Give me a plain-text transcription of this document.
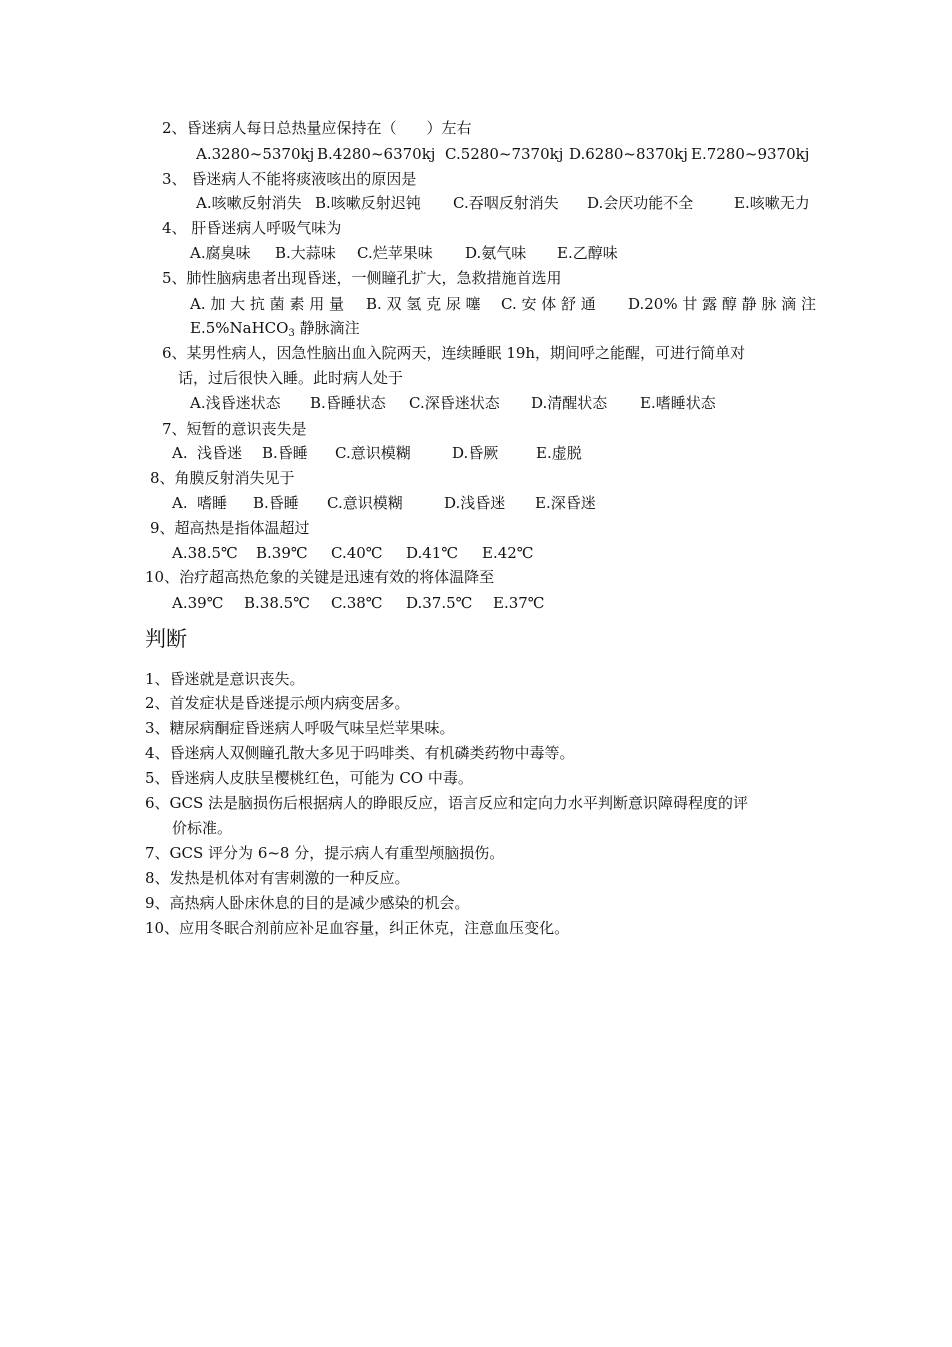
2、昏迷病人每日总热量应保持在（　　）左右
A.3280~5370kj B.4280~6370kj C.5280~7370kj D.6280~8370kj E.7280~9370kj
3、 昏迷病人不能将痰液咳出的原因是
A.咳嗽反射消失 B.咳嗽反射迟钝 C.吞咽反射消失 D.会厌功能不全	E.咳嗽无力
4、 肝昏迷病人呼吸气味为
A.腐臭味 B.大蒜味 C.烂苹果味 D.氨气味 E.乙醇味
5、肺性脑病患者出现昏迷，一侧瞳孔扩大，急救措施首选用
A. 加 大 抗 菌 素 用 量 B. 双 氢 克 尿 噻 C. 安 体 舒 通 D.20% 甘 露 醇 静 脉 滴 注
E.5%NaHCO$_3$ 静脉滴注
6、某男性病人，因急性脑出血入院两天，连续睡眠 19h，期间呼之能醒，可进行简单对
话，过后很快入睡。此时病人处于
A.浅昏迷状态 B.昏睡状态 C.深昏迷状态 D.清醒状态 E.嗜睡状态
7、短暂的意识丧失是
A.  浅昏迷 B.昏睡 C.意识模糊	D.昏厥	E.虚脱
8、角膜反射消失见于
A.  嗜睡 B.昏睡 C.意识模糊	D.浅昏迷 E.深昏迷
9、超高热是指体温超过
A.38.5℃ B.39℃ C.40℃ D.41℃ E.42℃
10、治疗超高热危象的关键是迅速有效的将体温降至
A.39℃ B.38.5℃ C.38℃ D.37.5℃ E.37℃
判断
1、昏迷就是意识丧失。
2、首发症状是昏迷提示颅内病变居多。
3、糖尿病酮症昏迷病人呼吸气味呈烂苹果味。
4、昏迷病人双侧瞳孔散大多见于吗啡类、有机磷类药物中毒等。
5、昏迷病人皮肤呈樱桃红色，可能为 CO 中毒。
6、GCS 法是脑损伤后根据病人的睁眼反应，语言反应和定向力水平判断意识障碍程度的评
价标准。
7、GCS 评分为 6~8 分，提示病人有重型颅脑损伤。
8、发热是机体对有害刺激的一种反应。
9、高热病人卧床休息的目的是减少感染的机会。
10、应用冬眠合剂前应补足血容量，纠正休克，注意血压变化。
